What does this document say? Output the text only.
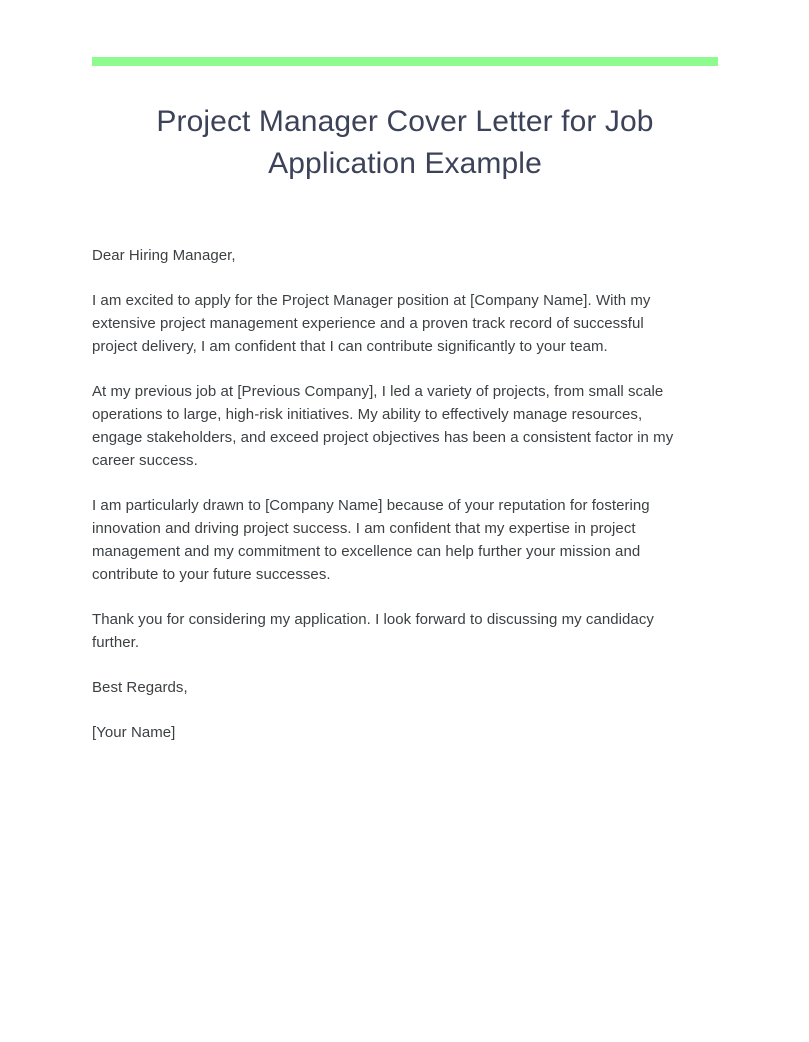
Project Manager Cover Letter for Job Application Example

Dear Hiring Manager,

I am excited to apply for the Project Manager position at [Company Name]. With my extensive project management experience and a proven track record of successful project delivery, I am confident that I can contribute significantly to your team.

At my previous job at [Previous Company], I led a variety of projects, from small scale operations to large, high-risk initiatives. My ability to effectively manage resources, engage stakeholders, and exceed project objectives has been a consistent factor in my career success.

I am particularly drawn to [Company Name] because of your reputation for fostering innovation and driving project success. I am confident that my expertise in project management and my commitment to excellence can help further your mission and contribute to your future successes.

Thank you for considering my application. I look forward to discussing my candidacy further.

Best Regards,

[Your Name]
